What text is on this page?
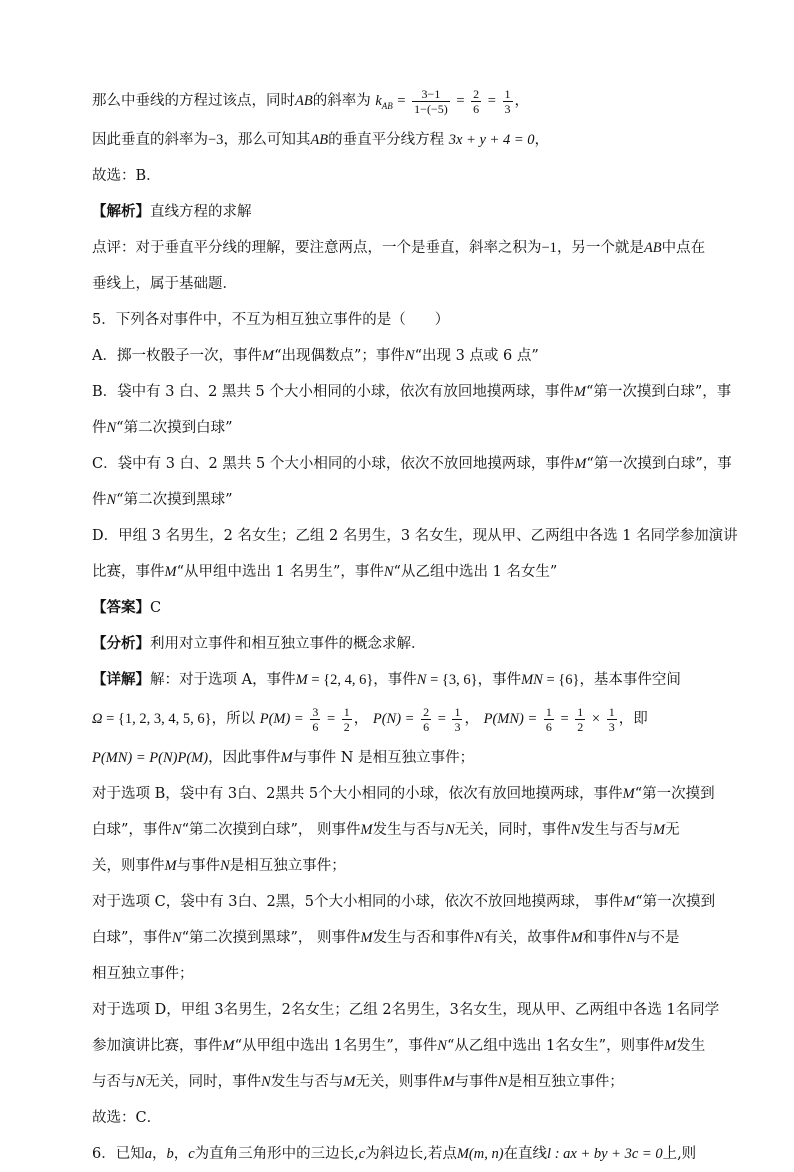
那么中垂线的方程过该点，同时AB的斜率为 $k_{AB} = \frac{3-1}{1-(-5)} = \frac{2}{6} = \frac{1}{3}$ ，
因此垂直的斜率为−3，那么可知其AB的垂直平分线方程 3x + y + 4 = 0，
故选：B．
【解析】直线方程的求解
点评：对于垂直平分线的理解，要注意两点，一个是垂直，斜率之积为−1，另一个就是AB中点在
垂线上，属于基础题．
5．下列各对事件中，不互为相互独立事件的是（　　）
A．掷一枚骰子一次，事件M“出现偶数点”；事件N“出现 3 点或 6 点”
B．袋中有 3 白、2 黑共 5 个大小相同的小球，依次有放回地摸两球，事件M“第一次摸到白球”，事
件N“第二次摸到白球”
C．袋中有 3 白、2 黑共 5 个大小相同的小球，依次不放回地摸两球，事件M“第一次摸到白球”，事
件N“第二次摸到黑球”
D．甲组 3 名男生，2 名女生；乙组 2 名男生，3 名女生，现从甲、乙两组中各选 1 名同学参加演讲
比赛，事件M“从甲组中选出 1 名男生”，事件N“从乙组中选出 1 名女生”
【答案】C
【分析】利用对立事件和相互独立事件的概念求解．
【详解】解：对于选项 A，事件M = {2, 4, 6}，事件N = {3, 6}，事件MN = {6}，基本事件空间
Ω = {1, 2, 3, 4, 5, 6}，所以 $P(M) = \frac{3}{6} = \frac{1}{2}$ ， $P(N) = \frac{2}{6} = \frac{1}{3}$ ， $P(MN) = \frac{1}{6} = \frac{1}{2} \times \frac{1}{3}$ ，即
P(MN) = P(N)P(M)，因此事件M与事件 N 是相互独立事件；
对于选项 B，袋中有 3白、2黑共 5个大小相同的小球，依次有放回地摸两球，事件M“第一次摸到
白球”，事件N“第二次摸到白球”， 则事件M发生与否与N无关，同时，事件N发生与否与M无
关，则事件M与事件N是相互独立事件；
对于选项 C，袋中有 3白、2黑，5个大小相同的小球，依次不放回地摸两球， 事件M“第一次摸到
白球”，事件N“第二次摸到黑球”， 则事件M发生与否和事件N有关，故事件M和事件N与不是
相互独立事件；
对于选项 D，甲组 3名男生，2名女生；乙组 2名男生，3名女生，现从甲、乙两组中各选 1名同学
参加演讲比赛，事件M“从甲组中选出 1名男生”，事件N“从乙组中选出 1名女生”，则事件M发生
与否与N无关，同时，事件N发生与否与M无关，则事件M与事件N是相互独立事件；
故选：C．
6．已知a，b，c为直角三角形中的三边长,c为斜边长,若点M(m, n)在直线l : ax + by + 3c = 0上,则
